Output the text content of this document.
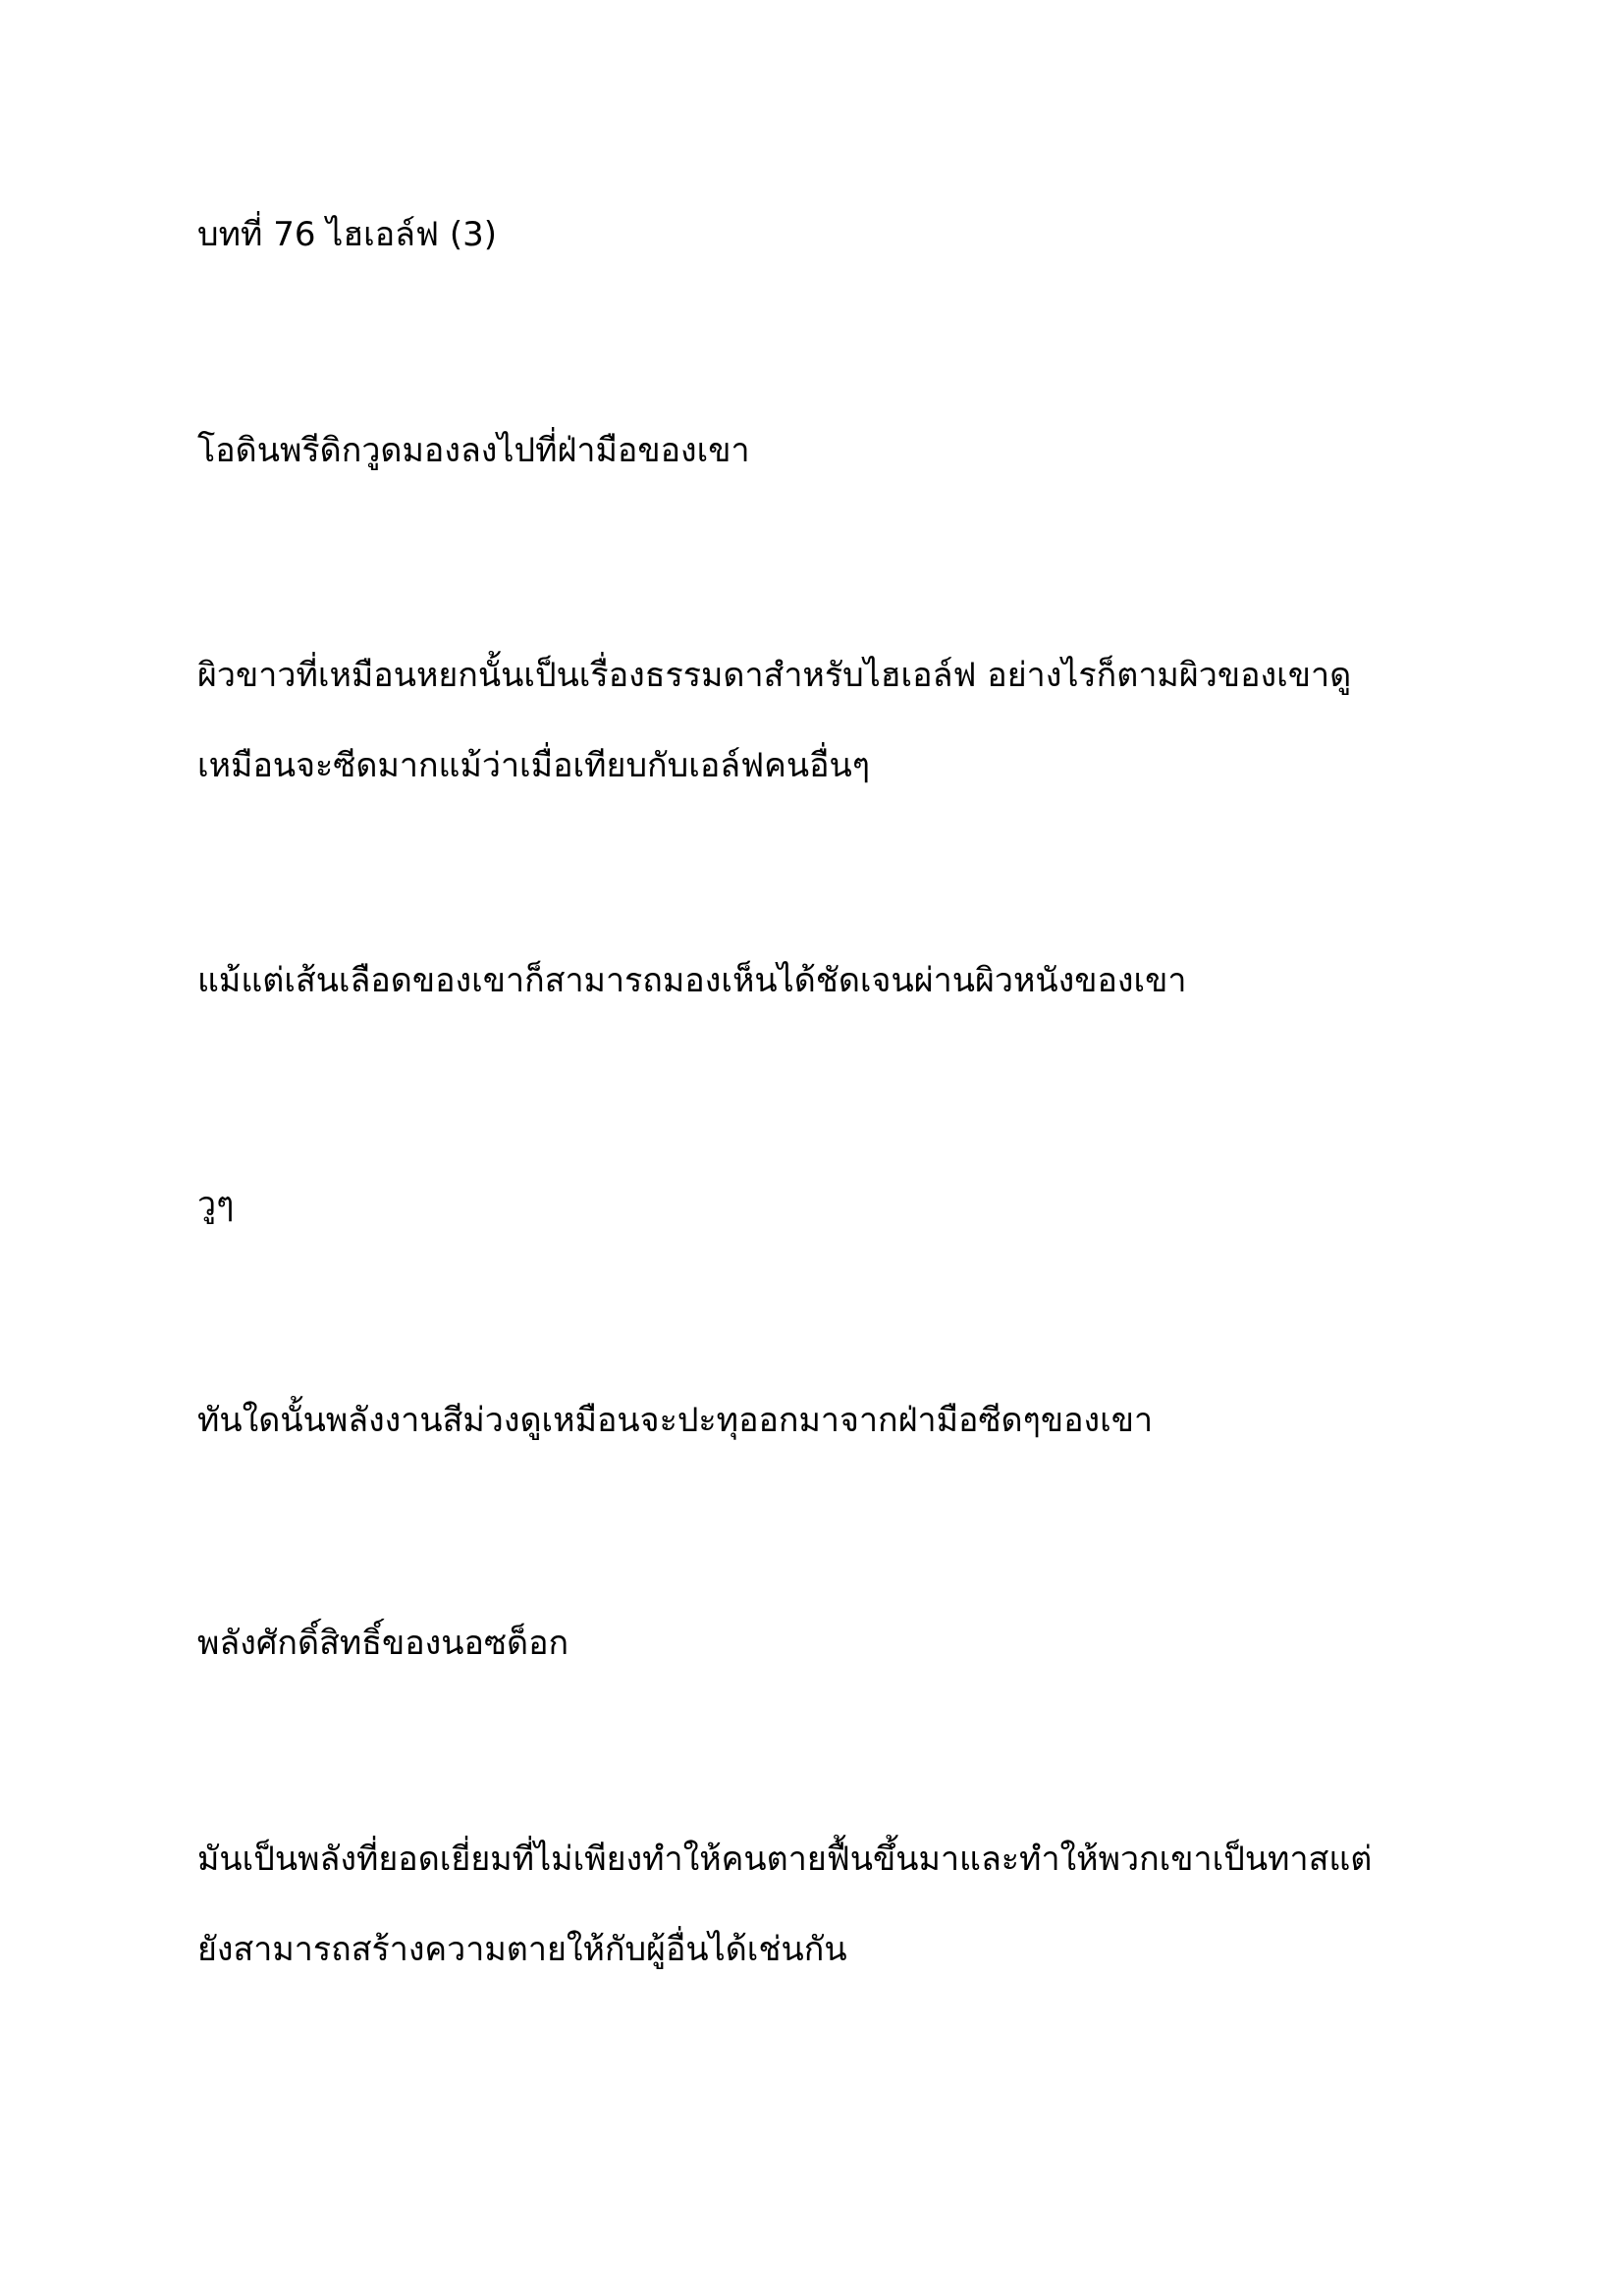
บทที่ 76 ไฮเอล์ฟ (3)
โอดินพรีดิกวูดมองลงไปที่ฝ่ามือของเขา
ผิวขาวที่เหมือนหยกนั้นเป็นเรื่องธรรมดาสำหรับไฮเอล์ฟ อย่างไรก็ตามผิวของเขาดู
เหมือนจะซีดมากแม้ว่าเมื่อเทียบกับเอล์ฟคนอื่นๆ
แม้แต่เส้นเลือดของเขาก็สามารถมองเห็นได้ชัดเจนผ่านผิวหนังของเขา
วูๆ
ทันใดนั้นพลังงานสีม่วงดูเหมือนจะปะทุออกมาจากฝ่ามือซีดๆของเขา
พลังศักดิ์สิทธิ์ของนอซด็อก
มันเป็นพลังที่ยอดเยี่ยมที่ไม่เพียงทำให้คนตายฟื้นขึ้นมาและทำให้พวกเขาเป็นทาสแต่
ยังสามารถสร้างความตายให้กับผู้อื่นได้เช่นกัน
